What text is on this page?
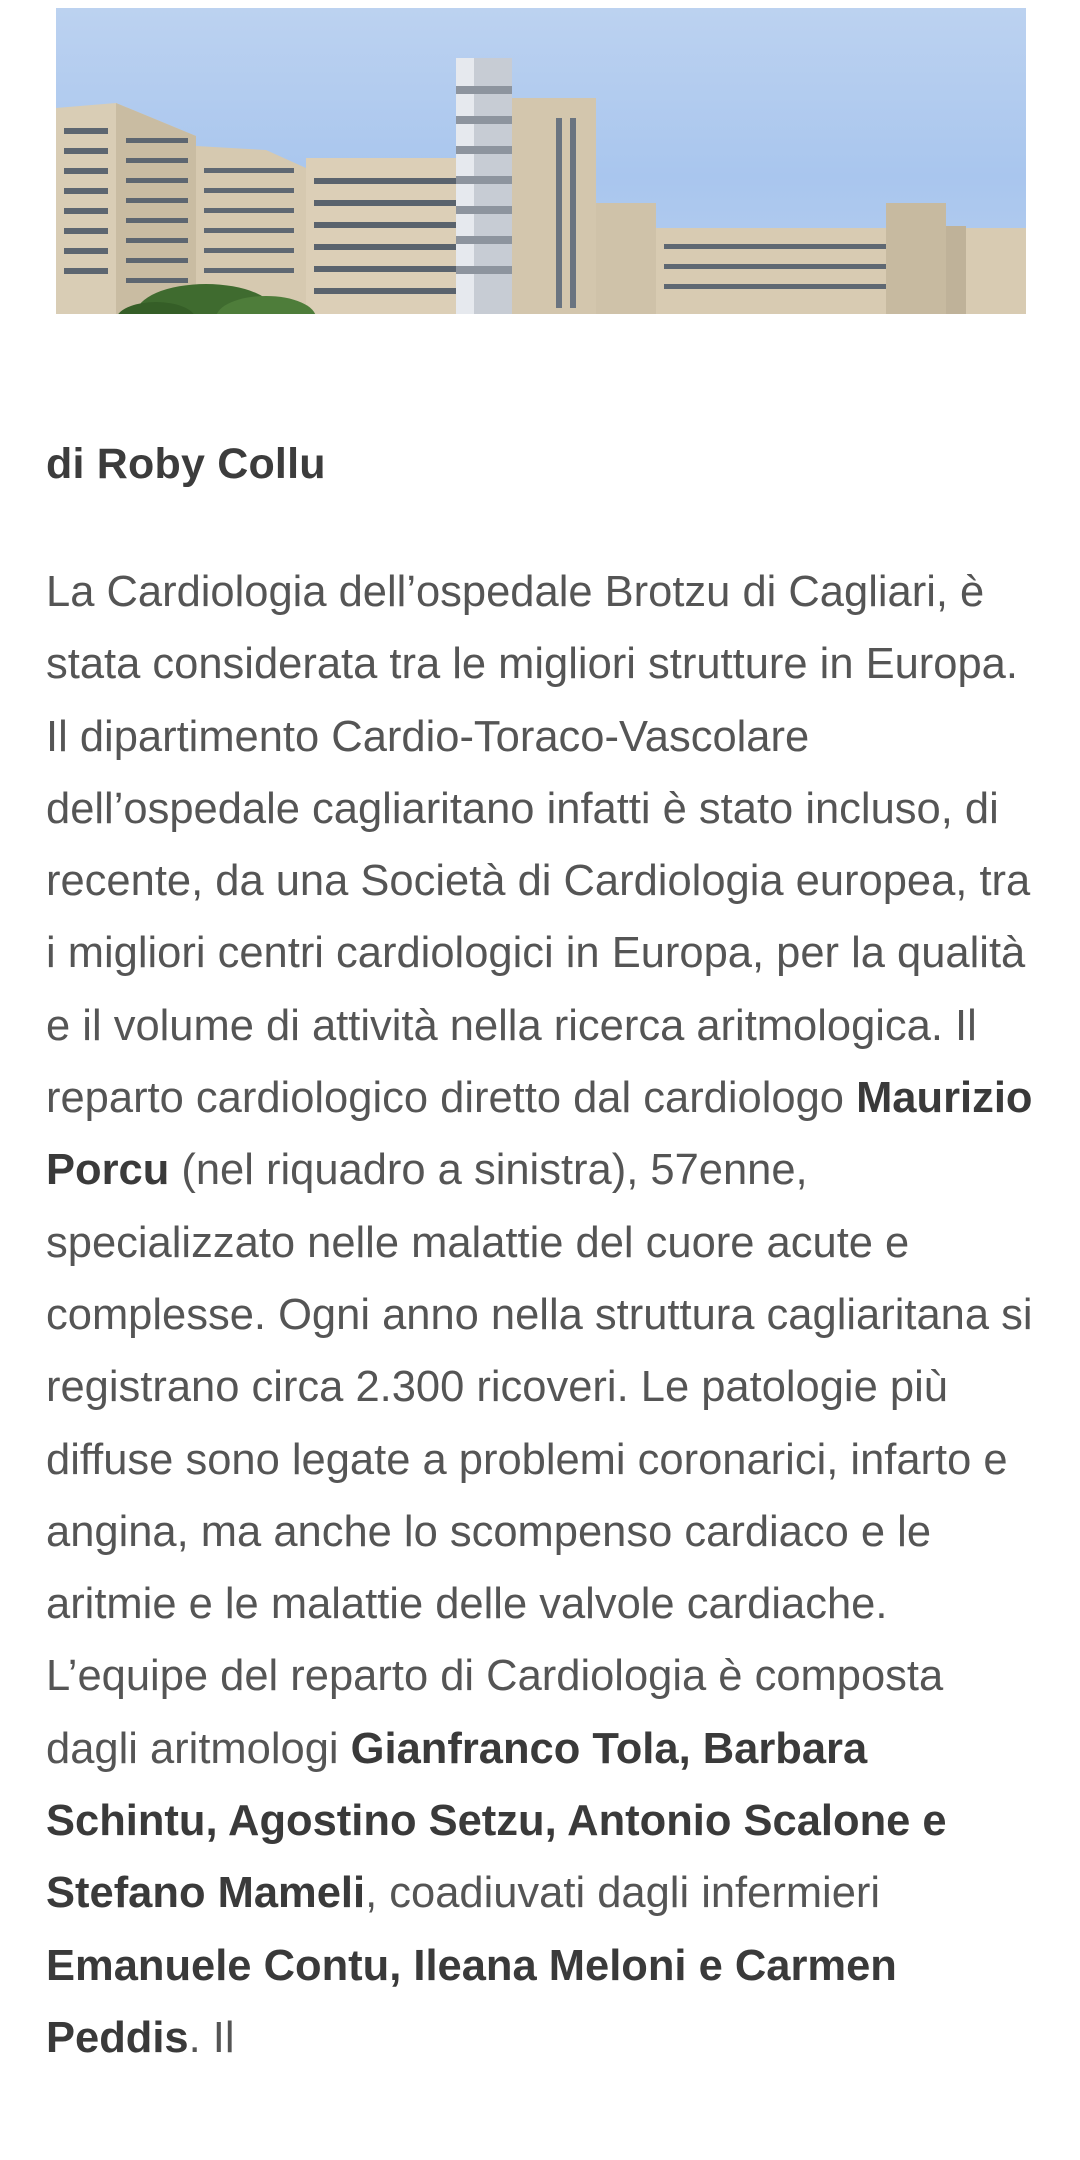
di Roby Collu

La Cardiologia dell’ospedale Brotzu di Cagliari, è stata considerata tra le migliori strutture in Europa. Il dipartimento Cardio-Toraco-Vascolare dell’ospedale cagliaritano infatti è stato incluso, di recente, da una Società di Cardiologia europea, tra i migliori centri cardiologici in Europa, per la qualità e il volume di attività nella ricerca aritmologica. Il reparto cardiologico diretto dal cardiologo Maurizio Porcu (nel riquadro a sinistra), 57enne, specializzato nelle malattie del cuore acute e complesse. Ogni anno nella struttura cagliaritana si registrano circa 2.300 ricoveri. Le patologie più diffuse sono legate a problemi coronarici, infarto e angina, ma anche lo scompenso cardiaco e le aritmie e le malattie delle valvole cardiache. L’equipe del reparto di Cardiologia è composta dagli aritmologi Gianfranco Tola, Barbara Schintu, Agostino Setzu, Antonio Scalone e Stefano Mameli, coadiuvati dagli infermieri Emanuele Contu, Ileana Meloni e Carmen Peddis. Il
